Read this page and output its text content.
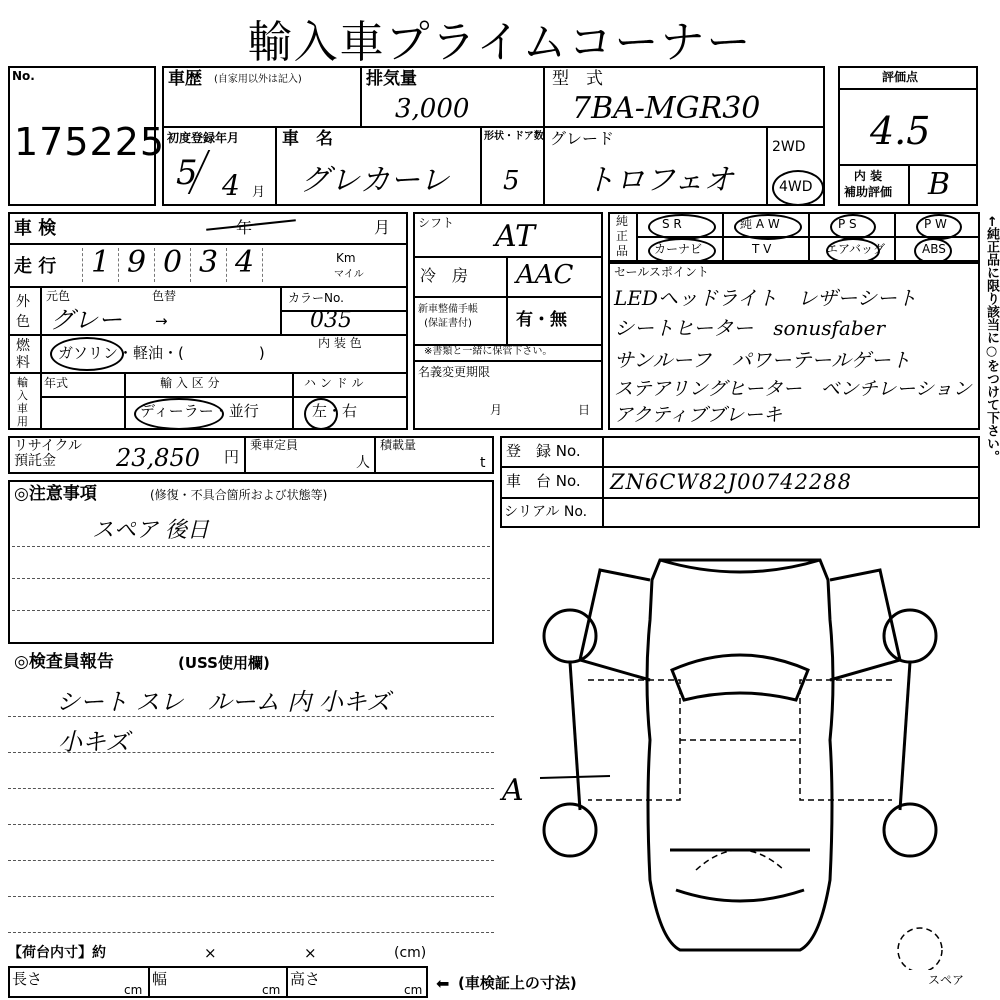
輸入車プライムコーナー
No.
175225
車歴 (自家用以外は記入)	排気量
3,000
型　式
7BA-MGR30
初度登録年月
5 4 月
車　名
グレカーレ
形状・ドア数
5
グレード
トロフェオ
2WD
4WD
評価点
4.5
内 装
補助評価 B
車 検	年	月
走 行 1 9 0 3 4	Km
マイル
外
色
元色	色替
グレー →
カラーNo.
035
内 装 色
燃
料
ガソリン・軽油・(　　　　　)
輸
入
車
用
年式	輸 入 区 分
ディーラー・並行
ハ ン ド ル
左・右
シフト AT
冷　房 AAC
新車整備手帳
(保証書付)	有・無
※書類と一緒に保管下さい。
名義変更期限
月	日
純
正
品
S R	純 A W	P S	P W
カーナビ	T V	エアバッグ	ABS
セールスポイント
LEDヘッドライト　レザーシート
シートヒーター　sonusfaber
サンルーフ　パワーテールゲート
ステアリングヒーター　ベンチレーション
アクティブブレーキ	←純正品に限り該当に○をつけて下さい。
リサイクル
預託金	23,850 円
乗車定員
人
積載量
t
登　録 No.
車　台 No. ZN6CW82J00742288
シリアル No.
◎注意事項	(修復・不具合箇所および状態等)
スペア 後日
◎検査員報告	(USS使用欄)
シート スレ　ルーム 内 小キズ
小キズ
A
スペア
【荷台内寸】約	×	×	(cm)
長さ
cm
幅
cm
高さ
cm ⬅ (車検証上の寸法)
